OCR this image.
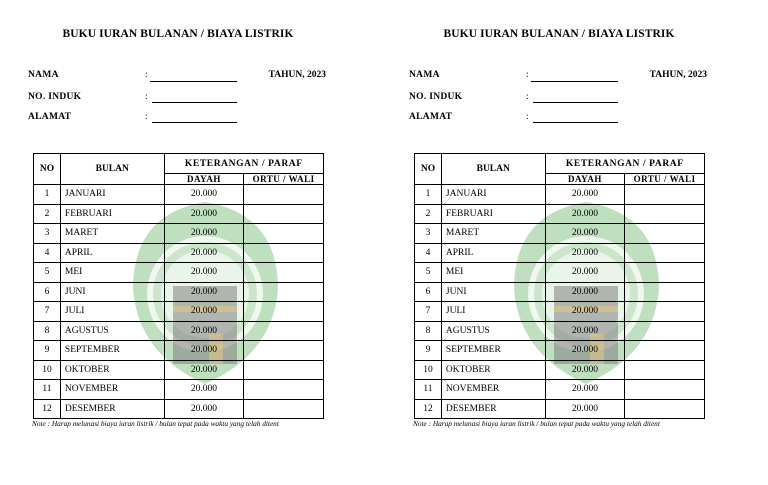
BUKU IURAN BULANAN / BIAYA LISTRIK
NAMA	:	TAHUN, 2023
NO. INDUK	:
ALAMAT	:
NO	BULAN	KETERANGAN / PARAF	
		DAYAH	ORTU / WALI
1	JANUARI	20.000	
2	FEBRUARI	20.000	
3	MARET	20.000	
4	APRIL	20.000	
5	MEI	20.000	
6	JUNI	20.000	
7	JULI	20.000	
8	AGUSTUS	20.000	
9	SEPTEMBER	20.000	
10	OKTOBER	20.000	
11	NOVEMBER	20.000	
12	DESEMBER	20.000	
Note : Harap melunasi biaya iuran listrik / bulan tepat pada waktu yang telah ditent
BUKU IURAN BULANAN / BIAYA LISTRIK
NAMA	:	TAHUN, 2023
NO. INDUK	:
ALAMAT	:
NO	BULAN	KETERANGAN / PARAF	
		DAYAH	ORTU / WALI
1	JANUARI	20.000	
2	FEBRUARI	20.000	
3	MARET	20.000	
4	APRIL	20.000	
5	MEI	20.000	
6	JUNI	20.000	
7	JULI	20.000	
8	AGUSTUS	20.000	
9	SEPTEMBER	20.000	
10	OKTOBER	20.000	
11	NOVEMBER	20.000	
12	DESEMBER	20.000	
Note : Harap melunasi biaya iuran listrik / bulan tepat pada waktu yang telah ditent
